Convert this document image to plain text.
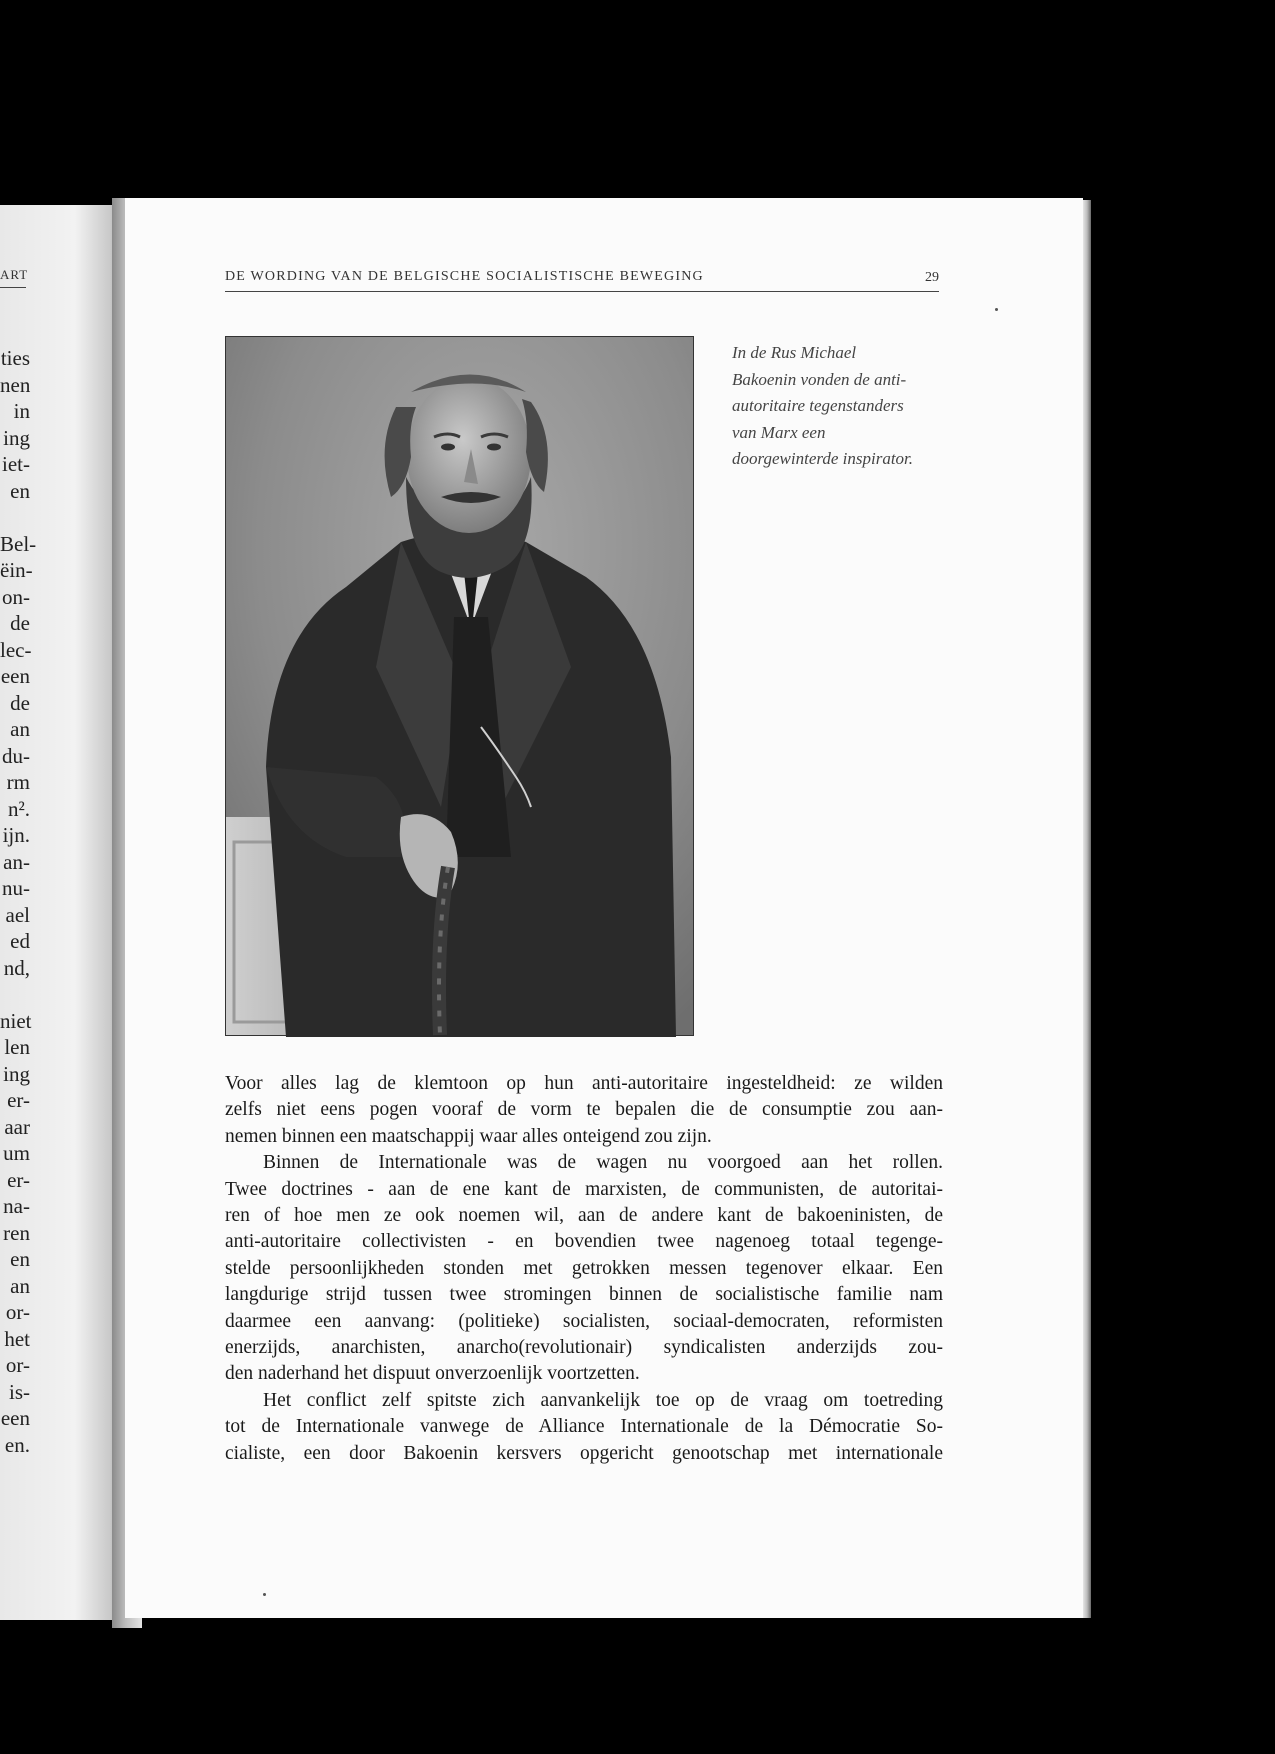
ART
ties
nen
in
ing
iet-
en
Bel-
ëin-
on-
de
lec-
een
de
an
du-
rm
n².
ijn.
an-
nu-
ael
ed
nd,
niet
len
ing
er-
aar
um
er-
na-
ren
en
an
or-
het
or-
is-
een
en.
DE WORDING VAN DE BELGISCHE SOCIALISTISCHE BEWEGING	29
In de Rus Michael
Bakoenin vonden de anti-
autoritaire tegenstanders
van Marx een
doorgewinterde inspirator.
Voor alles lag de klemtoon op hun anti-autoritaire ingesteldheid: ze wilden
zelfs niet eens pogen vooraf de vorm te bepalen die de consumptie zou aan-
nemen binnen een maatschappij waar alles onteigend zou zijn.
Binnen de Internationale was de wagen nu voorgoed aan het rollen.
Twee doctrines - aan de ene kant de marxisten, de communisten, de autoritai-
ren of hoe men ze ook noemen wil, aan de andere kant de bakoeninisten, de
anti-autoritaire collectivisten - en bovendien twee nagenoeg totaal tegenge-
stelde persoonlijkheden stonden met getrokken messen tegenover elkaar. Een
langdurige strijd tussen twee stromingen binnen de socialistische familie nam
daarmee een aanvang: (politieke) socialisten, sociaal-democraten, reformisten
enerzijds, anarchisten, anarcho(revolutionair) syndicalisten anderzijds zou-
den naderhand het dispuut onverzoenlijk voortzetten.
Het conflict zelf spitste zich aanvankelijk toe op de vraag om toetreding
tot de Internationale vanwege de Alliance Internationale de la Démocratie So-
cialiste, een door Bakoenin kersvers opgericht genootschap met internationale
